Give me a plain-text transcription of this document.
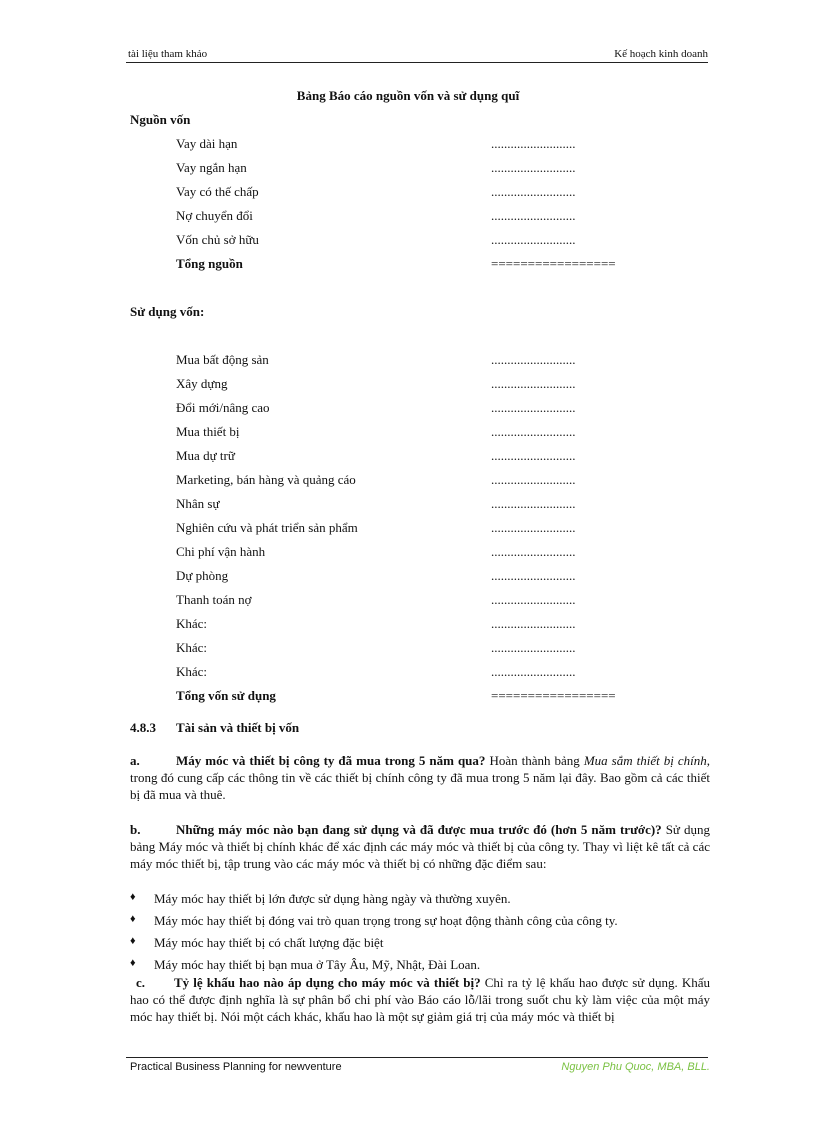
tài liệu tham khảo	Kế hoạch kinh doanh
Bảng Báo cáo nguồn vốn và sử dụng quĩ
Nguồn vốn
Vay dài hạn	..........................
Vay ngắn hạn	..........................
Vay có thế chấp	..........................
Nợ chuyển đổi	..........................
Vốn chủ sở hữu	..........................
Tổng nguồn	=================
Sử dụng vốn:
Mua bất động sản	..........................
Xây dựng	..........................
Đổi mới/nâng cao	..........................
Mua thiết bị	..........................
Mua dự trữ	..........................
Marketing, bán hàng và quảng cáo	..........................
Nhân sự	..........................
Nghiên cứu và phát triển sản phẩm	..........................
Chi phí vận hành	..........................
Dự phòng	..........................
Thanh toán nợ	..........................
Khác:	..........................
Khác:	..........................
Khác:	..........................
Tổng vốn sử dụng	=================
4.8.3 Tài sản và thiết bị vốn
a.	Máy móc và thiết bị công ty đã mua trong 5 năm qua? Hoàn thành bảng Mua sắm thiết bị chính, trong đó cung cấp các thông tin về các thiết bị chính công ty đã mua trong 5 năm lại đây. Bao gồm cả các thiết bị đã mua và thuê.
b.	Những máy móc nào bạn đang sử dụng và đã được mua trước đó (hơn 5 năm trước)? Sử dụng bảng Máy móc và thiết bị chính khác để xác định các máy móc và thiết bị của công ty. Thay vì liệt kê tất cả các máy móc thiết bị, tập trung vào các máy móc và thiết bị có những đặc điểm sau:
♦ Máy móc hay thiết bị lớn được sử dụng hàng ngày và thường xuyên.
♦ Máy móc hay thiết bị đóng vai trò quan trọng trong sự hoạt động thành công của công ty.
♦ Máy móc hay thiết bị có chất lượng đặc biệt
♦ Máy móc hay thiết bị bạn mua ở Tây Âu, Mỹ, Nhật, Đài Loan.
c. Tỷ lệ khấu hao nào áp dụng cho máy móc và thiết bị? Chỉ ra tỷ lệ khấu hao được sử dụng. Khấu hao có thể được định nghĩa là sự phân bổ chi phí vào Báo cáo lỗ/lãi trong suốt chu kỳ làm việc của một máy móc hay thiết bị. Nói một cách khác, khấu hao là một sự giảm giá trị của máy móc và thiết bị
Practical Business Planning for newventure	Nguyen Phu Quoc, MBA, BLL.
